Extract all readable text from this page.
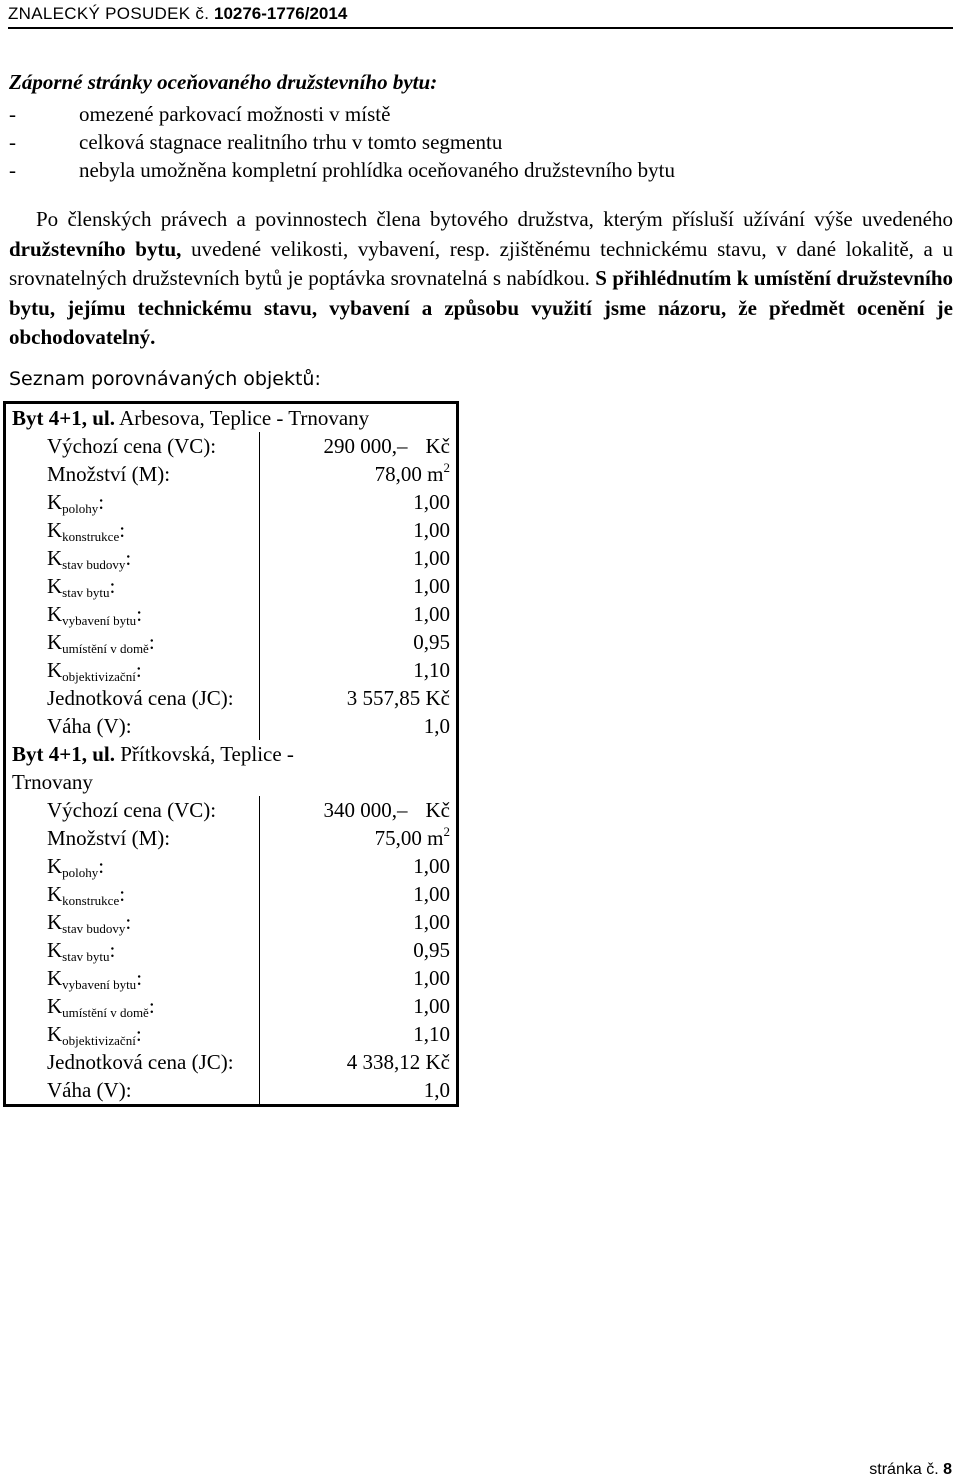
ZNALECKÝ POSUDEK č. 10276-1776/2014
Záporné stránky oceňovaného družstevního bytu:
-	omezené parkovací možnosti v místě
-	celková stagnace realitního trhu v tomto segmentu
-	nebyla umožněna kompletní prohlídka oceňovaného družstevního bytu
Po členských právech a povinnostech člena bytového družstva, kterým přísluší užívání výše uvedeného družstevního bytu, uvedené velikosti, vybavení, resp. zjištěnému technickému stavu, v dané lokalitě, a u srovnatelných družstevních bytů je poptávka srovnatelná s nabídkou. S přihlédnutím k umístění družstevního bytu, jejímu technickému stavu, vybavení a způsobu využití jsme názoru, že předmět ocenění je obchodovatelný.
Seznam porovnávaných objektů:
Byt 4+1, ul. Arbesova, Teplice - Trnovany	
Výchozí cena (VC):	290 000,– Kč
Množství (M):	78,00 $m^2$
$K_{polohy}$:	1,00
$K_{konstrukce}$:	1,00
$K_{stav budovy}$:	1,00
$K_{stav bytu}$:	1,00
$K_{vybavení bytu}$:	1,00
$K_{umístění v domě}$:	0,95
$K_{objektivizační}$:	1,10
Jednotková cena (JC):	3 557,85 Kč
Váha (V):	1,0
Byt 4+1, ul. Přítkovská, Teplice -	
Trnovany	
Výchozí cena (VC):	340 000,– Kč
Množství (M):	75,00 $m^2$
$K_{polohy}$:	1,00
$K_{konstrukce}$:	1,00
$K_{stav budovy}$:	1,00
$K_{stav bytu}$:	0,95
$K_{vybavení bytu}$:	1,00
$K_{umístění v domě}$:	1,00
$K_{objektivizační}$:	1,10
Jednotková cena (JC):	4 338,12 Kč
Váha (V):	1,0
stránka č. 8
